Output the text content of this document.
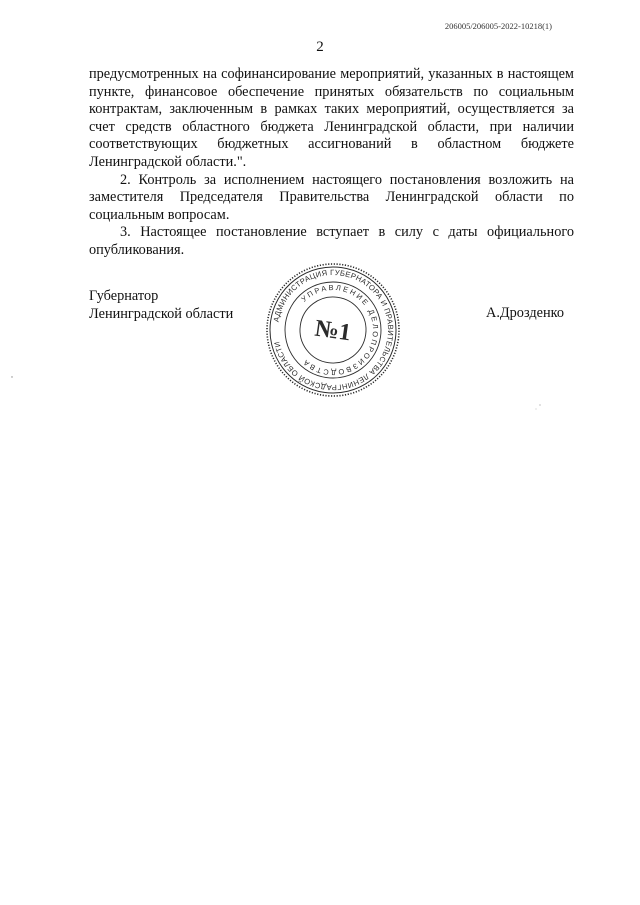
206005/206005-2022-10218(1)
2

предусмотренных на софинансирование мероприятий, указанных в настоящем пункте, финансовое обеспечение принятых обязательств по социальным контрактам, заключенным в рамках таких мероприятий, осуществляется за счет средств областного бюджета Ленинградской области, при наличии соответствующих бюджетных ассигнований в областном бюджете Ленинградской области.".

2. Контроль за исполнением настоящего постановления возложить на заместителя Председателя Правительства Ленинградской области по социальным вопросам.

3. Настоящее постановление вступает в силу с даты официального опубликования.

Губернатор
Ленинградской области	А.Дрозденко
АДМИНИСТРАЦИЯ ГУБЕРНАТОРА И ПРАВИТЕЛЬСТВА ЛЕНИНГРАДСКОЙ ОБЛАСТИ
УПРАВЛЕНИЕ ДЕЛОПРОИЗВОДСТВА
№1
